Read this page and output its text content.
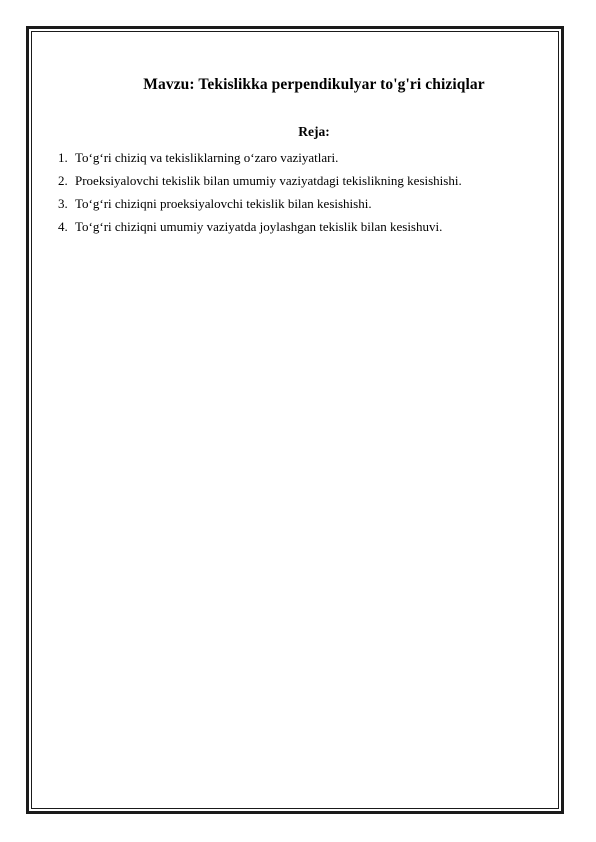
Mavzu: Tekislikka perpendikulyar to'g'ri chiziqlar
Reja:
1. To‘g‘ri chiziq va tekisliklarning o‘zaro vaziyatlari.
2. Proeksiyalovchi tekislik bilan umumiy vaziyatdagi tekislikning kesishishi.
3. To‘g‘ri chiziqni proeksiyalovchi tekislik bilan kesishishi.
4. To‘g‘ri chiziqni umumiy vaziyatda joylashgan tekislik bilan kesishuvi.
